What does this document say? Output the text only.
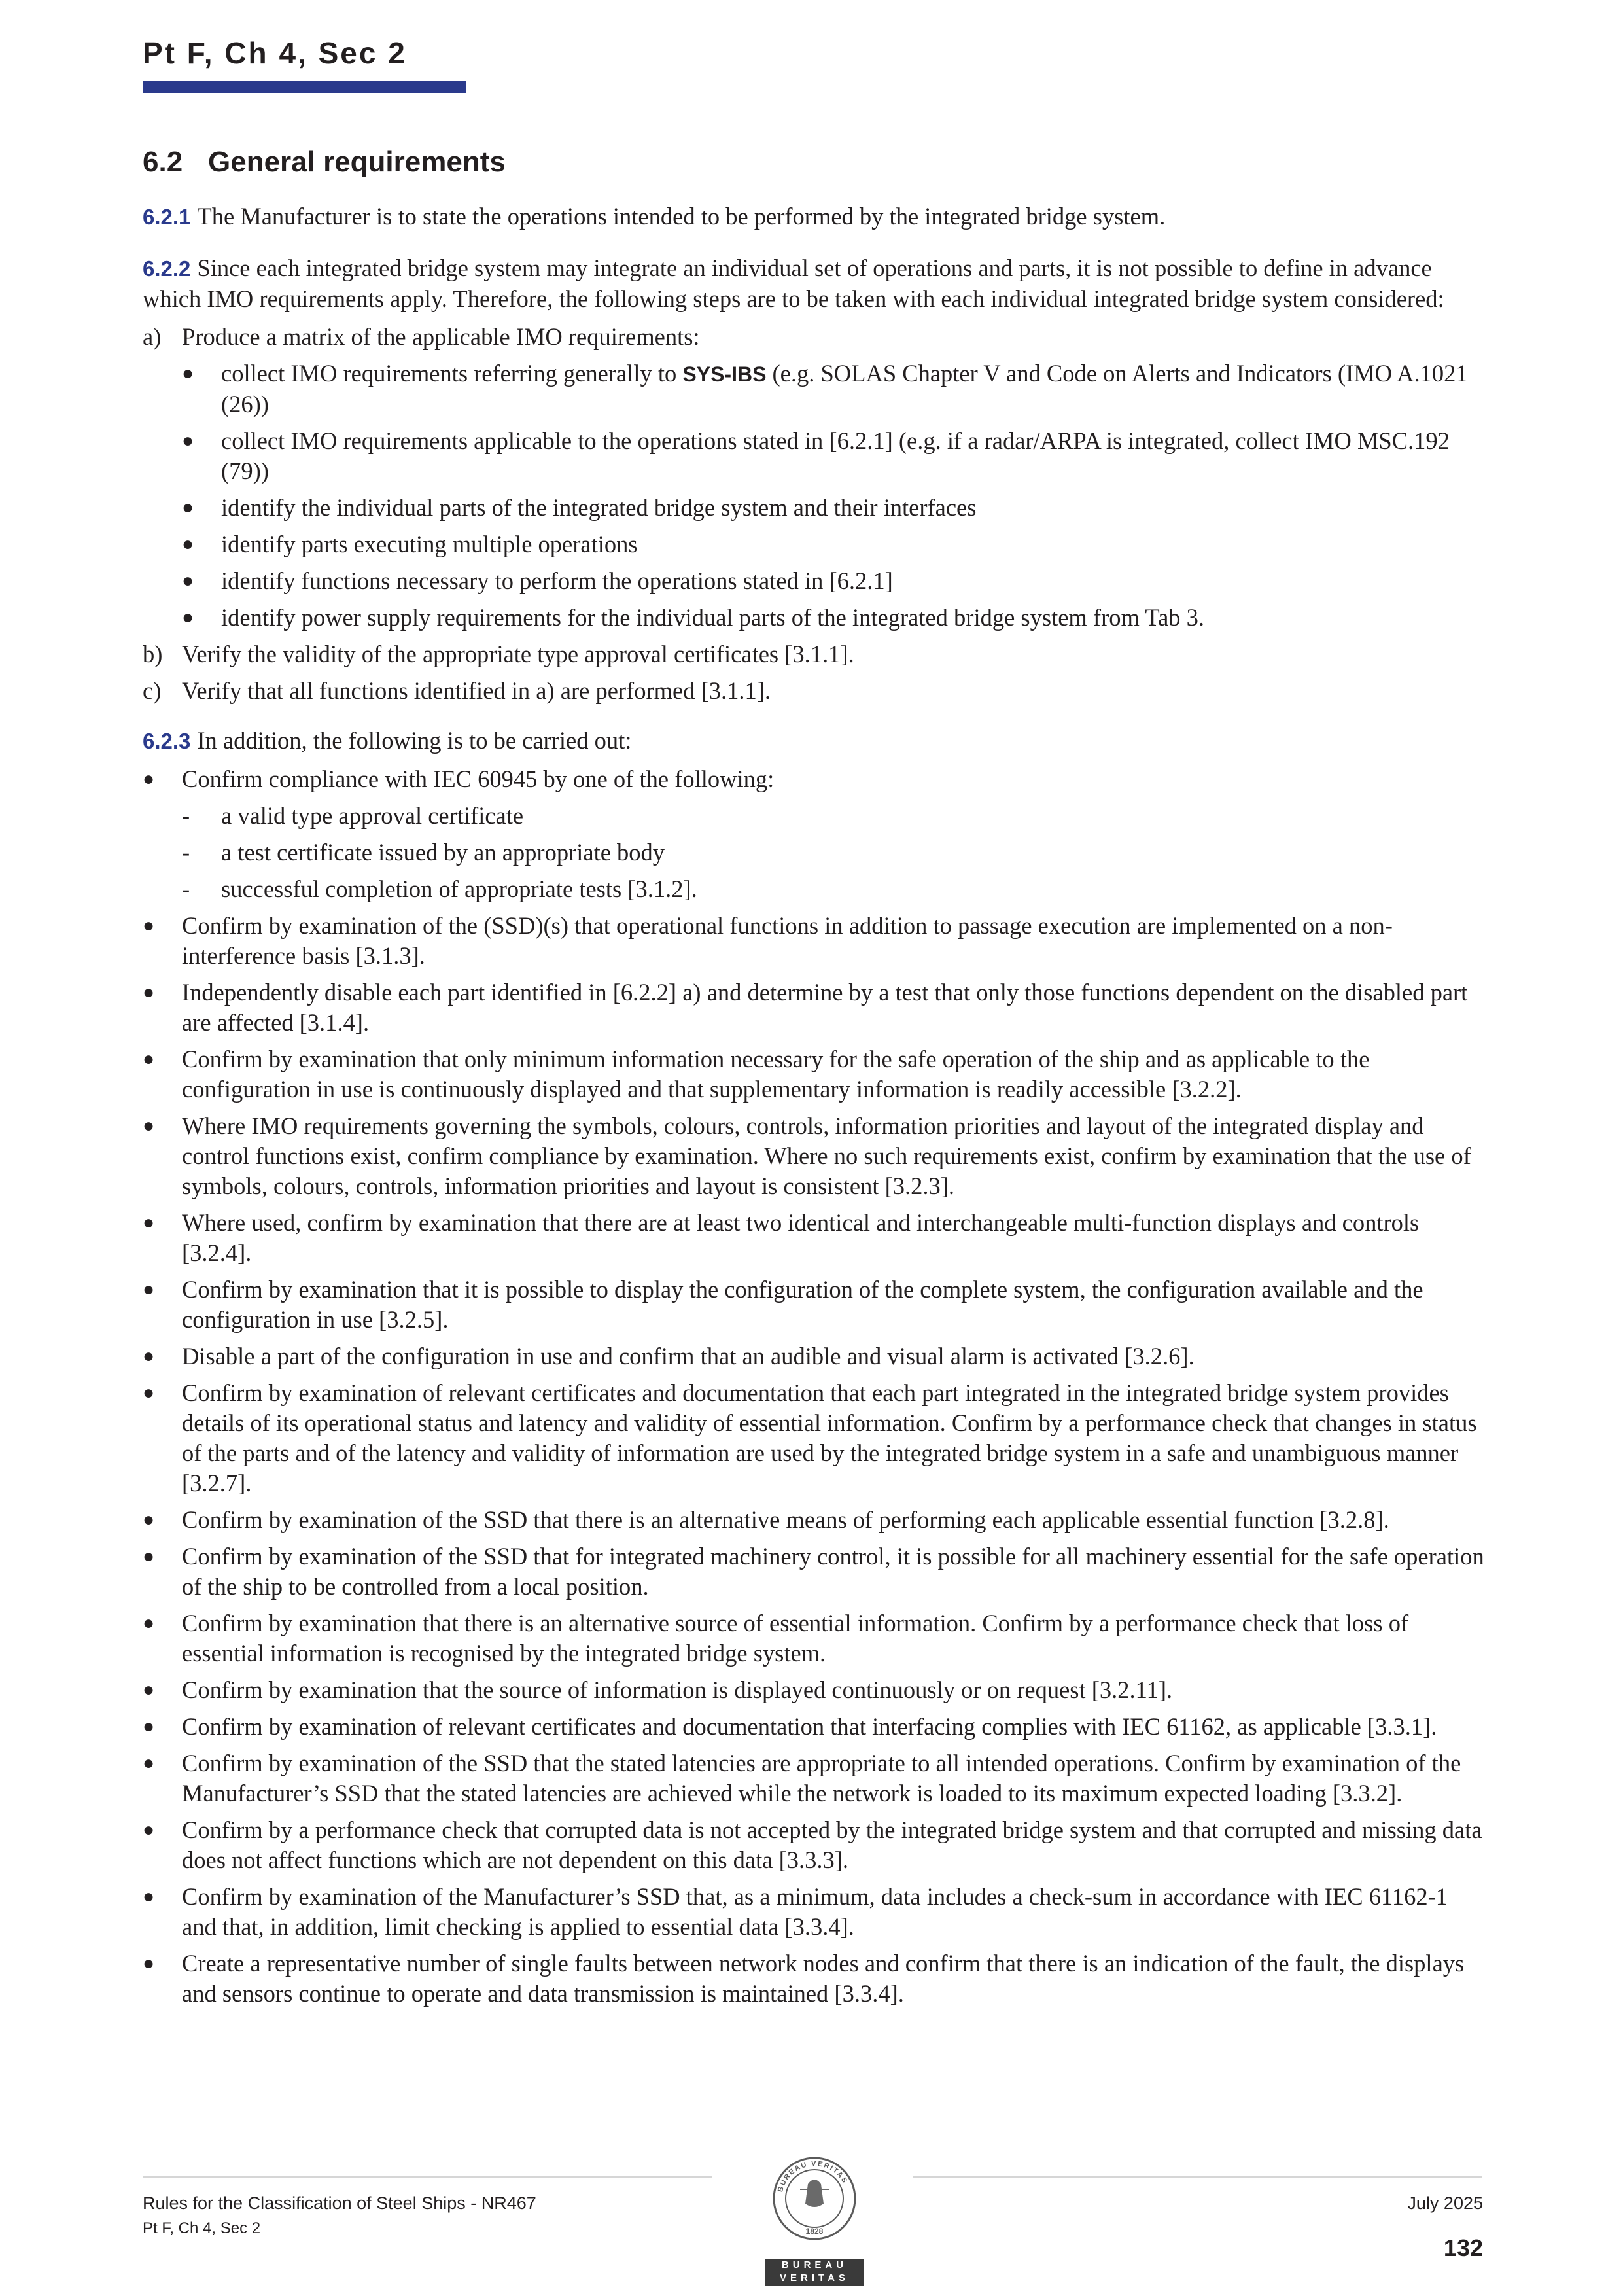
Pt F, Ch 4, Sec 2
6.2 General requirements

6.2.1 The Manufacturer is to state the operations intended to be performed by the integrated bridge system.

6.2.2 Since each integrated bridge system may integrate an individual set of operations and parts, it is not possible to define in advance which IMO requirements apply. Therefore, the following steps are to be taken with each individual integrated bridge system considered:

a) Produce a matrix of the applicable IMO requirements:
● collect IMO requirements referring generally to SYS-IBS (e.g. SOLAS Chapter V and Code on Alerts and Indicators (IMO A.1021 (26))
● collect IMO requirements applicable to the operations stated in [6.2.1] (e.g. if a radar/ARPA is integrated, collect IMO MSC.192 (79))
● identify the individual parts of the integrated bridge system and their interfaces
● identify parts executing multiple operations
● identify functions necessary to perform the operations stated in [6.2.1]
● identify power supply requirements for the individual parts of the integrated bridge system from Tab 3.
b) Verify the validity of the appropriate type approval certificates [3.1.1].
c) Verify that all functions identified in a) are performed [3.1.1].

6.2.3 In addition, the following is to be carried out:

● Confirm compliance with IEC 60945 by one of the following:
- a valid type approval certificate
- a test certificate issued by an appropriate body
- successful completion of appropriate tests [3.1.2].
● Confirm by examination of the (SSD)(s) that operational functions in addition to passage execution are implemented on a non-interference basis [3.1.3].
● Independently disable each part identified in [6.2.2] a) and determine by a test that only those functions dependent on the disabled part are affected [3.1.4].
● Confirm by examination that only minimum information necessary for the safe operation of the ship and as applicable to the configuration in use is continuously displayed and that supplementary information is readily accessible [3.2.2].
● Where IMO requirements governing the symbols, colours, controls, information priorities and layout of the integrated display and control functions exist, confirm compliance by examination. Where no such requirements exist, confirm by examination that the use of symbols, colours, controls, information priorities and layout is consistent [3.2.3].
● Where used, confirm by examination that there are at least two identical and interchangeable multi-function displays and controls [3.2.4].
● Confirm by examination that it is possible to display the configuration of the complete system, the configuration available and the configuration in use [3.2.5].
● Disable a part of the configuration in use and confirm that an audible and visual alarm is activated [3.2.6].
● Confirm by examination of relevant certificates and documentation that each part integrated in the integrated bridge system provides details of its operational status and latency and validity of essential information. Confirm by a performance check that changes in status of the parts and of the latency and validity of information are used by the integrated bridge system in a safe and unambiguous manner [3.2.7].
● Confirm by examination of the SSD that there is an alternative means of performing each applicable essential function [3.2.8].
● Confirm by examination of the SSD that for integrated machinery control, it is possible for all machinery essential for the safe operation of the ship to be controlled from a local position.
● Confirm by examination that there is an alternative source of essential information. Confirm by a performance check that loss of essential information is recognised by the integrated bridge system.
● Confirm by examination that the source of information is displayed continuously or on request [3.2.11].
● Confirm by examination of relevant certificates and documentation that interfacing complies with IEC 61162, as applicable [3.3.1].
● Confirm by examination of the SSD that the stated latencies are appropriate to all intended operations. Confirm by examination of the Manufacturer’s SSD that the stated latencies are achieved while the network is loaded to its maximum expected loading [3.3.2].
● Confirm by a performance check that corrupted data is not accepted by the integrated bridge system and that corrupted and missing data does not affect functions which are not dependent on this data [3.3.3].
● Confirm by examination of the Manufacturer’s SSD that, as a minimum, data includes a check-sum in accordance with IEC 61162-1 and that, in addition, limit checking is applied to essential data [3.3.4].
● Create a representative number of single faults between network nodes and confirm that there is an indication of the fault, the displays and sensors continue to operate and data transmission is maintained [3.3.4].

Rules for the Classification of Steel Ships - NR467

Pt F, Ch 4, Sec 2

July 2025

132

BUREAU VERITAS
1828
BUREAU
VERITAS
